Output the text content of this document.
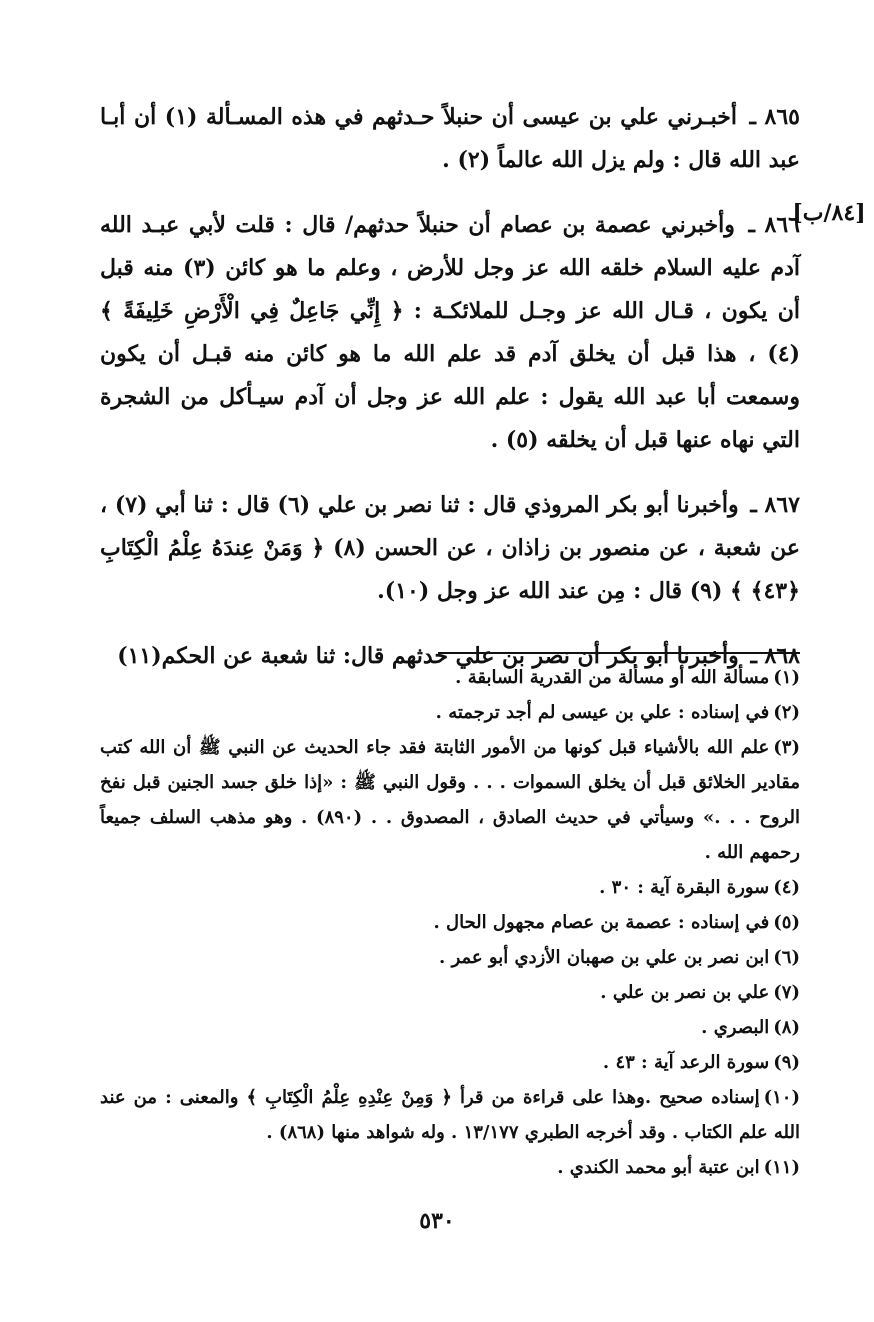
[٨٤/ب]

٨٦٥ ـ أخبـرني علي بن عيسى أن حنبلاً حـدثهم في هذه المسـألة (١) أن أبـا عبد الله قال : ولم يزل الله عالماً (٢) .

٨٦٦ ـ وأخبرني عصمة بن عصام أن حنبلاً حدثهم/ قال : قلت لأبي عبـد الله آدم عليه السلام خلقه الله عز وجل للأرض ، وعلم ما هو كائن (٣) منه قبل أن يكون ، قـال الله عز وجـل للملائكـة : ﴿ إِنِّي جَاعِلٌ فِي الْأَرْضِ خَلِيفَةً ﴾ (٤) ، هذا قبل أن يخلق آدم قد علم الله ما هو كائن منه قبـل أن يكون وسمعت أبا عبد الله يقول : علم الله عز وجل أن آدم سيـأكل من الشجرة التي نهاه عنها قبل أن يخلقه (٥) .

٨٦٧ ـ وأخبرنا أبو بكر المروذي قال : ثنا نصر بن علي (٦) قال : ثنا أبي (٧) ، عن شعبة ، عن منصور بن زاذان ، عن الحسن (٨) ﴿ وَمَنْ عِندَهُ عِلْمُ الْكِتَابِ ﴿٤٣﴾ ﴾ (٩) قال : مِن عند الله عز وجل (١٠).

٨٦٨ ـ وأخبرنا أبو بكر أن نصر بن علي حدثهم قال: ثنا شعبة عن الحكم(١١)

(١)مسألة الله أو مسألة من القدرية السابقة .
(٢)في إسناده : علي بن عيسى لم أجد ترجمته .
(٣)علم الله بالأشياء قبل كونها من الأمور الثابتة فقد جاء الحديث عن النبي ﷺ أن الله كتب مقادير الخلائق قبل أن يخلق السموات . . . وقول النبي ﷺ : «إذا خلق جسد الجنين قبل نفخ الروح . . .» وسيأتي في حديث الصادق ، المصدوق . . (٨٩٠) . وهو مذهب السلف جميعاً رحمهم الله .
(٤)سورة البقرة آية : ٣٠ .
(٥)في إسناده : عصمة بن عصام مجهول الحال .
(٦)ابن نصر بن علي بن صهبان الأزدي أبو عمر .
(٧)علي بن نصر بن علي .
(٨)البصري .
(٩)سورة الرعد آية : ٤٣ .
(١٠)إسناده صحيح .وهذا على قراءة من قرأ ﴿ وَمِنْ عِنْدِهِ عِلْمُ الْكِتَابِ ﴾ والمعنى : من عند الله علم الكتاب . وقد أخرجه الطبري ١٣/١٧٧ . وله شواهد منها (٨٦٨) .
(١١)ابن عتبة أبو محمد الكندي .
٥٣٠
